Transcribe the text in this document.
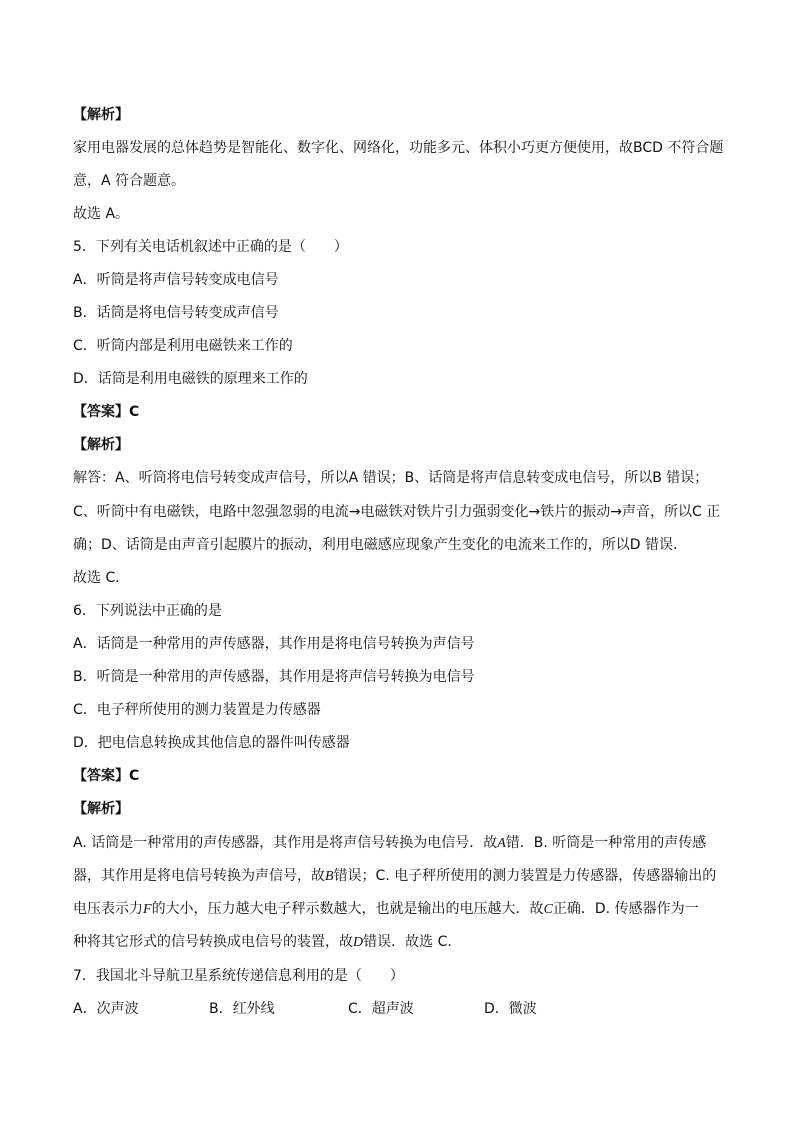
【解析】
家用电器发展的总体趋势是智能化、数字化、网络化，功能多元、体积小巧更方便使用，故BCD 不符合题
意，A 符合题意。
故选 A。
5．下列有关电话机叙述中正确的是（　　）
A．听筒是将声信号转变成电信号
B．话筒是将电信号转变成声信号
C．听筒内部是利用电磁铁来工作的
D．话筒是利用电磁铁的原理来工作的
【答案】C
【解析】
解答：A、听筒将电信号转变成声信号，所以A 错误；B、话筒是将声信息转变成电信号，所以B 错误；
C、听筒中有电磁铁，电路中忽强忽弱的电流→电磁铁对铁片引力强弱变化→铁片的振动→声音，所以C 正
确；D、话筒是由声音引起膜片的振动，利用电磁感应现象产生变化的电流来工作的，所以D 错误．
故选 C．
6．下列说法中正确的是
A．话筒是一种常用的声传感器，其作用是将电信号转换为声信号
B．听筒是一种常用的声传感器，其作用是将声信号转换为电信号
C．电子秤所使用的测力装置是力传感器
D．把电信息转换成其他信息的器件叫传感器
【答案】C
【解析】
A. 话筒是一种常用的声传感器，其作用是将声信号转换为电信号．故A错．B. 听筒是一种常用的声传感
器，其作用是将电信号转换为声信号，故B错误；C. 电子秤所使用的测力装置是力传感器，传感器输出的
电压表示力F的大小，压力越大电子秤示数越大，也就是输出的电压越大．故C正确．D. 传感器作为一
种将其它形式的信号转换成电信号的装置，故D错误．故选 C.
7．我国北斗导航卫星系统传递信息利用的是（　　）
A．次声波	B．红外线	C．超声波	D．微波
